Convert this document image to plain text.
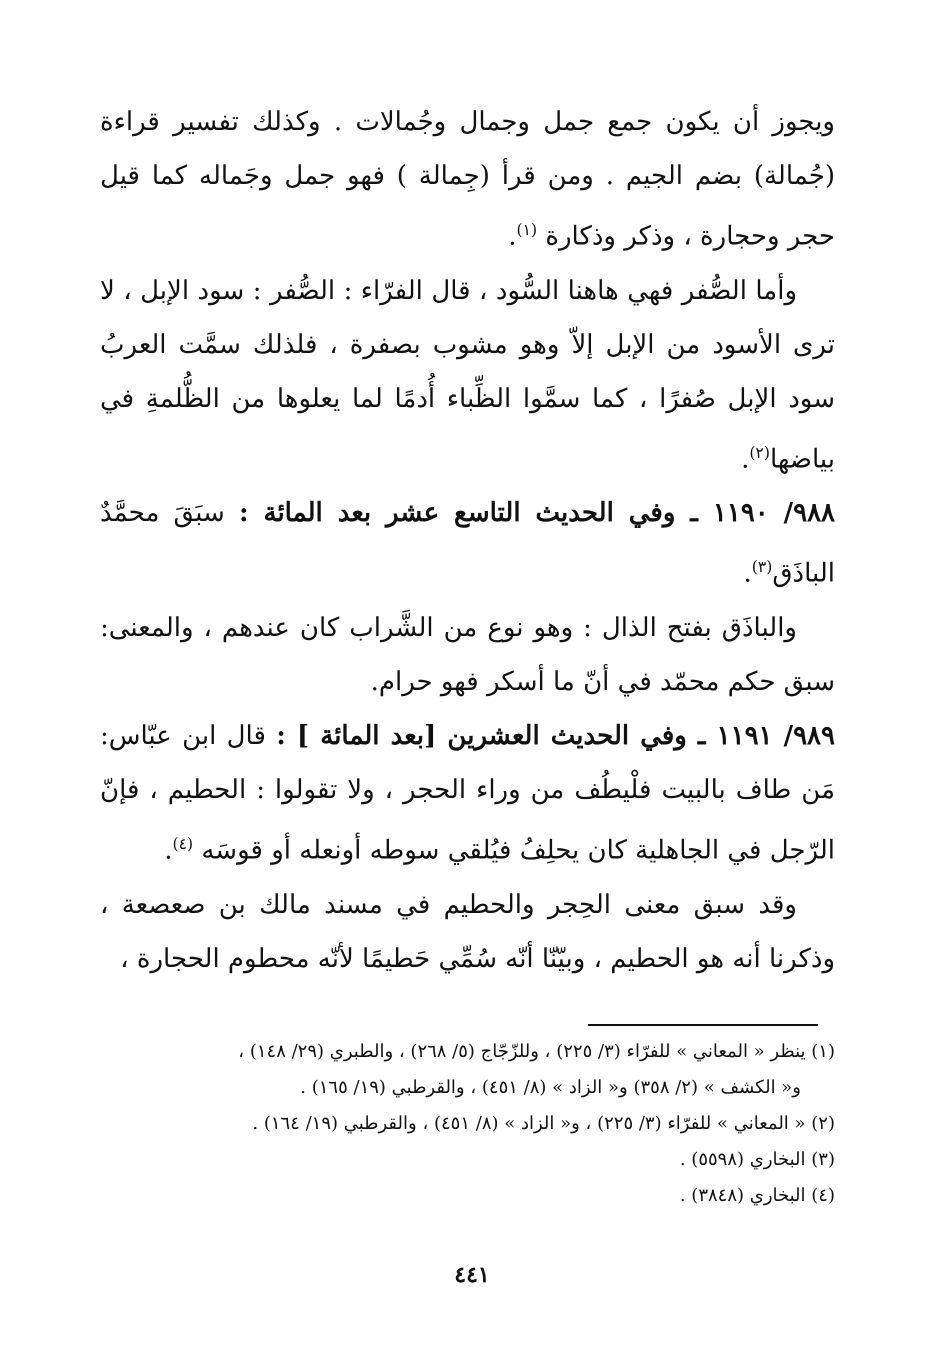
ويجوز أن يكون جمع جمل وجمال وجُمالات . وكذلك تفسير قراءة (جُمالة) بضم الجيم . ومن قرأ (جِمالة ) فهو جمل وجَماله كما قيل حجر وحجارة ، وذكر وذكارة $^{(١)}$.

وأما الصُّفر فهي هاهنا السُّود ، قال الفرّاء : الصُّفر : سود الإبل ، لا ترى الأسود من الإبل إلاّ وهو مشوب بصفرة ، فلذلك سمَّت العربُ سود الإبل صُفرًا ، كما سمَّوا الظِّباء أُدمًا لما يعلوها من الظُّلمةِ في بياضها$^{(٢)}$.

٩٨٨/ ١١٩٠ ـ وفي الحديث التاسع عشر بعد المائة : سبَقَ محمَّدٌ الباذَق$^{(٣)}$.

والباذَق بفتح الذال : وهو نوع من الشَّراب كان عندهم ، والمعنى: سبق حكم محمّد في أنّ ما أسكر فهو حرام.

٩٨٩/ ١١٩١ ـ وفي الحديث العشرين [بعد المائة ] : قال ابن عبّاس: مَن طاف بالبيت فلْيطُف من وراء الحجر ، ولا تقولوا : الحطيم ، فإنّ الرّجل في الجاهلية كان يحلِفُ فيُلقي سوطه أونعله أو قوسَه $^{(٤)}$.

وقد سبق معنى الحِجر والحطيم في مسند مالك بن صعصعة ، وذكرنا أنه هو الحطيم ، وبيّنّا أنّه سُمِّي حَطيمًا لأنّه محطوم الحجارة ،

(١) ينظر « المعاني » للفرّاء (٣/ ٢٢٥) ، وللزّجّاج (٥/ ٢٦٨) ، والطبري (٢٩/ ١٤٨) ،

و« الكشف » (٢/ ٣٥٨) و« الزاد » (٨/ ٤٥١) ، والقرطبي (١٩/ ١٦٥) .

(٢) « المعاني » للفرّاء (٣/ ٢٢٥) ، و« الزاد » (٨/ ٤٥١) ، والقرطبي (١٩/ ١٦٤) .

(٣) البخاري (٥٥٩٨) .

(٤) البخاري (٣٨٤٨) .

٤٤١
